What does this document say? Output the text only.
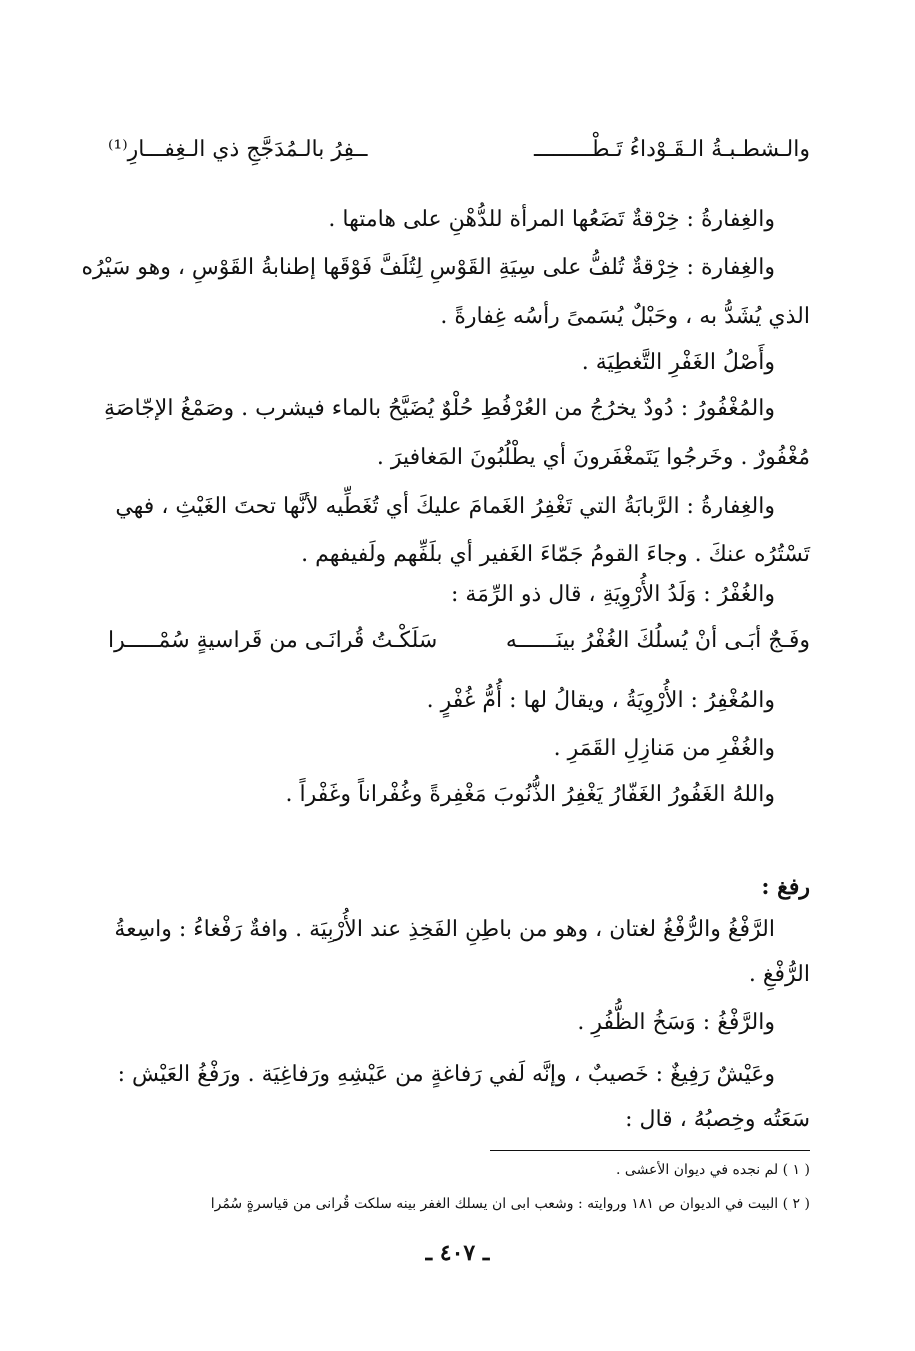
والـشطـبـةُ الـقَـوْداءُ تَـطْـــــــــ
ــفِرُ بالـمُدَجَّجِ ذي الـغِفـــارِ⁽¹⁾
والغِفارةُ : خِرْقةٌ تَضَعُها المرأة للدُّهْنِ على هامتها .
والغِفارة : خِرْقةٌ تُلفُّ على سِيَةِ القَوْسِ لِتُلَفَّ فَوْقَها إطنابةُ القَوْسِ ، وهو سَيْرُه
الذي يُشَدُّ به ، وحَبْلٌ يُسَمىً رأسُه غِفارةً .
وأَصْلُ الغَفْرِ التَّغطِيَة .
والمُغْفُورُ : دُودٌ يخرُجُ من العُرْفُطِ حُلْوٌ يُضَيَّحُ بالماء فيشرب . وصَمْغُ الإجّاصَةِ
مُغْفُورٌ . وخَرجُوا يَتَمغْفَرونَ أي يطْلُبُونَ المَغافيرَ .
والغِفارةُ : الرَّبابَةُ التي تَغْفِرُ الغَمامَ عليكَ أي تُغَطِّيه لأنَّها تحتَ الغَيْثِ ، فهي
تَسْتُرُه عنكَ . وجاءَ القومُ جَمّاءَ الغَفير أي بلَفِّهم ولَفيفهم .
والغُفْرُ : وَلَدُ الأُرْوِيَةِ ، قال ذو الرِّمَة :
وفَـجٌ أبَـى أنْ يُسلُكَ الغُفْرُ بينَــــــه
سَلَكْـتُ قُرانَـى من قَراسيةٍ سُمْـــــرا
والمُغْفِرُ : الأُرْوِيَةُ ، ويقالُ لها : أُمُّ غُفْرٍ .
والغُفْرِ من مَنازِلِ القَمَرِ .
واللهُ الغَفُورُ الغَفّارُ يَغْفِرُ الذُّنُوبَ مَغْفِرةً وغُفْراناً وغَفْراً .
رفغ :
الرَّفْغُ والرُّفْغُ لغتان ، وهو من باطِنِ الفَخِذِ عند الأُرْبِيَة . وافةٌ رَفْغاءُ : واسِعةُ
الرُّفْغِ .
والرَّفْغُ : وَسَخُ الظُّفُرِ .
وعَيْشٌ رَفِيغٌ : خَصيبٌ ، وإنَّه لَفي رَفاغةٍ من عَيْشِهِ ورَفاغِيَة . ورَفْغُ العَيْش :
سَعَتُه وخِصبُهُ ، قال :
( ١ ) لم نجده في ديوان الأعشى .
( ٢ ) البيت في الديوان ص ١٨١ وروايته : وشعب ابى ان يسلك الغفر بينه سلكت قُرانى من قياسرةٍ سُمُرا
ـ ٤٠٧ ـ
